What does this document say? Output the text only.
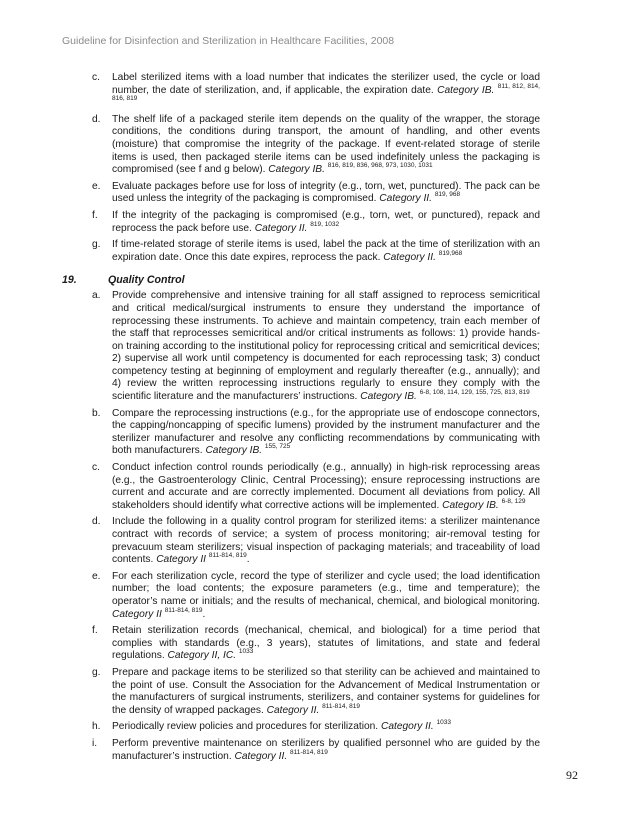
Guideline for Disinfection and Sterilization in Healthcare Facilities, 2008
c. Label sterilized items with a load number that indicates the sterilizer used, the cycle or load number, the date of sterilization, and, if applicable, the expiration date. Category IB. $^{811, 812, 814, 816, 819}$
d. The shelf life of a packaged sterile item depends on the quality of the wrapper, the storage conditions, the conditions during transport, the amount of handling, and other events (moisture) that compromise the integrity of the package. If event-related storage of sterile items is used, then packaged sterile items can be used indefinitely unless the packaging is compromised (see f and g below). Category IB. $^{816, 819, 836, 968, 973, 1030, 1031}$
e. Evaluate packages before use for loss of integrity (e.g., torn, wet, punctured). The pack can be used unless the integrity of the packaging is compromised. Category II. $^{819, 968}$
f. If the integrity of the packaging is compromised (e.g., torn, wet, or punctured), repack and reprocess the pack before use. Category II. $^{819, 1032}$
g. If time-related storage of sterile items is used, label the pack at the time of sterilization with an expiration date. Once this date expires, reprocess the pack. Category II. $^{819,968}$
19.	Quality Control
a. Provide comprehensive and intensive training for all staff assigned to reprocess semicritical and critical medical/surgical instruments to ensure they understand the importance of reprocessing these instruments. To achieve and maintain competency, train each member of the staff that reprocesses semicritical and/or critical instruments as follows: 1) provide hands-on training according to the institutional policy for reprocessing critical and semicritical devices; 2) supervise all work until competency is documented for each reprocessing task; 3) conduct competency testing at beginning of employment and regularly thereafter (e.g., annually); and 4) review the written reprocessing instructions regularly to ensure they comply with the scientific literature and the manufacturers’ instructions. Category IB. $^{6-8, 108, 114, 129, 155, 725, 813, 819}$
b. Compare the reprocessing instructions (e.g., for the appropriate use of endoscope connectors, the capping/noncapping of specific lumens) provided by the instrument manufacturer and the sterilizer manufacturer and resolve any conflicting recommendations by communicating with both manufacturers. Category IB. $^{155, 725}$
c. Conduct infection control rounds periodically (e.g., annually) in high-risk reprocessing areas (e.g., the Gastroenterology Clinic, Central Processing); ensure reprocessing instructions are current and accurate and are correctly implemented. Document all deviations from policy. All stakeholders should identify what corrective actions will be implemented. Category IB. $^{6-8, 129}$
d. Include the following in a quality control program for sterilized items: a sterilizer maintenance contract with records of service; a system of process monitoring; air-removal testing for prevacuum steam sterilizers; visual inspection of packaging materials; and traceability of load contents. Category II $^{811-814, 819}$.
e. For each sterilization cycle, record the type of sterilizer and cycle used; the load identification number; the load contents; the exposure parameters (e.g., time and temperature); the operator’s name or initials; and the results of mechanical, chemical, and biological monitoring. Category II $^{811-814, 819}$.
f. Retain sterilization records (mechanical, chemical, and biological) for a time period that complies with standards (e.g., 3 years), statutes of limitations, and state and federal regulations. Category II, IC. $^{1033}$
g. Prepare and package items to be sterilized so that sterility can be achieved and maintained to the point of use. Consult the Association for the Advancement of Medical Instrumentation or the manufacturers of surgical instruments, sterilizers, and container systems for guidelines for the density of wrapped packages. Category II. $^{811-814, 819}$
h. Periodically review policies and procedures for sterilization. Category II. $^{1033}$
i. Perform preventive maintenance on sterilizers by qualified personnel who are guided by the manufacturer’s instruction. Category II. $^{811-814, 819}$
92
